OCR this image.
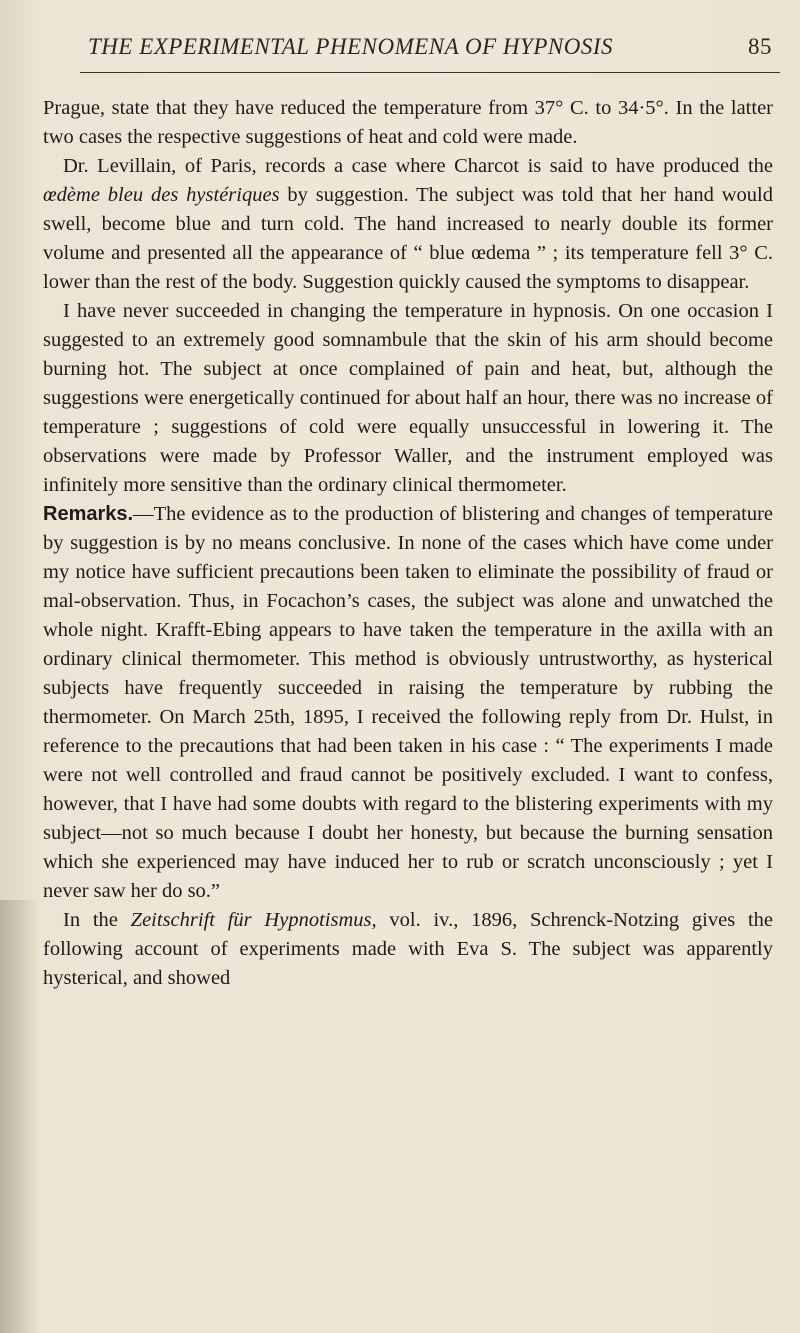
THE EXPERIMENTAL PHENOMENA OF HYPNOSIS	85

Prague, state that they have reduced the temperature from 37° C. to 34·5°. In the latter two cases the respective suggestions of heat and cold were made.

Dr. Levillain, of Paris, records a case where Charcot is said to have produced the œdème bleu des hystériques by suggestion. The subject was told that her hand would swell, become blue and turn cold. The hand increased to nearly double its former volume and presented all the appearance of “ blue œdema ” ; its temperature fell 3° C. lower than the rest of the body. Suggestion quickly caused the symptoms to disappear.

I have never succeeded in changing the temperature in hypnosis. On one occasion I suggested to an extremely good somnambule that the skin of his arm should become burning hot. The subject at once complained of pain and heat, but, although the suggestions were energetically continued for about half an hour, there was no increase of temperature ; suggestions of cold were equally unsuccessful in lowering it. The observations were made by Professor Waller, and the instrument employed was infinitely more sensitive than the ordinary clinical thermometer.

Remarks.—The evidence as to the production of blistering and changes of temperature by suggestion is by no means conclusive. In none of the cases which have come under my notice have sufficient precautions been taken to eliminate the possibility of fraud or mal-observation. Thus, in Focachon’s cases, the subject was alone and unwatched the whole night. Krafft-Ebing appears to have taken the temperature in the axilla with an ordinary clinical thermometer. This method is obviously untrustworthy, as hysterical subjects have frequently succeeded in raising the temperature by rubbing the thermometer. On March 25th, 1895, I received the following reply from Dr. Hulst, in reference to the precautions that had been taken in his case : “ The experiments I made were not well controlled and fraud cannot be positively excluded. I want to confess, however, that I have had some doubts with regard to the blistering experiments with my subject—not so much because I doubt her honesty, but because the burning sensation which she experienced may have induced her to rub or scratch unconsciously ; yet I never saw her do so.”

In the Zeitschrift für Hypnotismus, vol. iv., 1896, Schrenck-Notzing gives the following account of experiments made with Eva S. The subject was apparently hysterical, and showed
